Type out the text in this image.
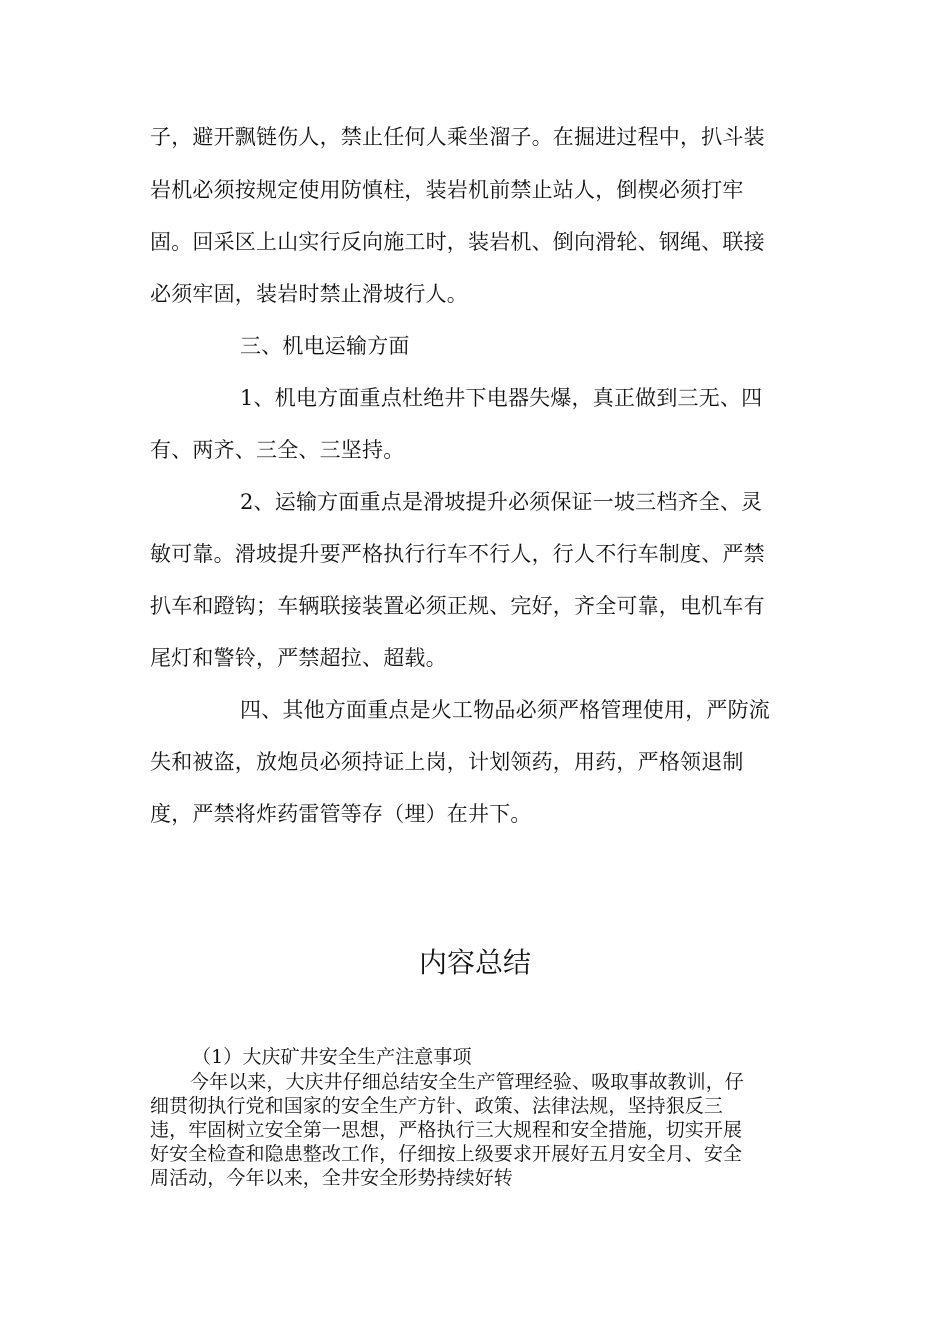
子，避开飘链伤人，禁止任何人乘坐溜子。在掘进过程中，扒斗装
岩机必须按规定使用防慎柱，装岩机前禁止站人，倒楔必须打牢
固。回采区上山实行反向施工时，装岩机、倒向滑轮、钢绳、联接
必须牢固，装岩时禁止滑坡行人。
三、机电运输方面
1、机电方面重点杜绝井下电器失爆，真正做到三无、四
有、两齐、三全、三坚持。
2、运输方面重点是滑坡提升必须保证一坡三档齐全、灵
敏可靠。滑坡提升要严格执行行车不行人，行人不行车制度、严禁
扒车和蹬钩；车辆联接装置必须正规、完好，齐全可靠，电机车有
尾灯和警铃，严禁超拉、超载。
四、其他方面重点是火工物品必须严格管理使用，严防流
失和被盗，放炮员必须持证上岗，计划领药，用药，严格领退制
度，严禁将炸药雷管等存（埋）在井下。
内容总结
（1）大庆矿井安全生产注意事项
今年以来，大庆井仔细总结安全生产管理经验、吸取事故教训，仔
细贯彻执行党和国家的安全生产方针、政策、法律法规，坚持狠反三
违，牢固树立安全第一思想，严格执行三大规程和安全措施，切实开展
好安全检查和隐患整改工作，仔细按上级要求开展好五月安全月、安全
周活动，今年以来，全井安全形势持续好转
